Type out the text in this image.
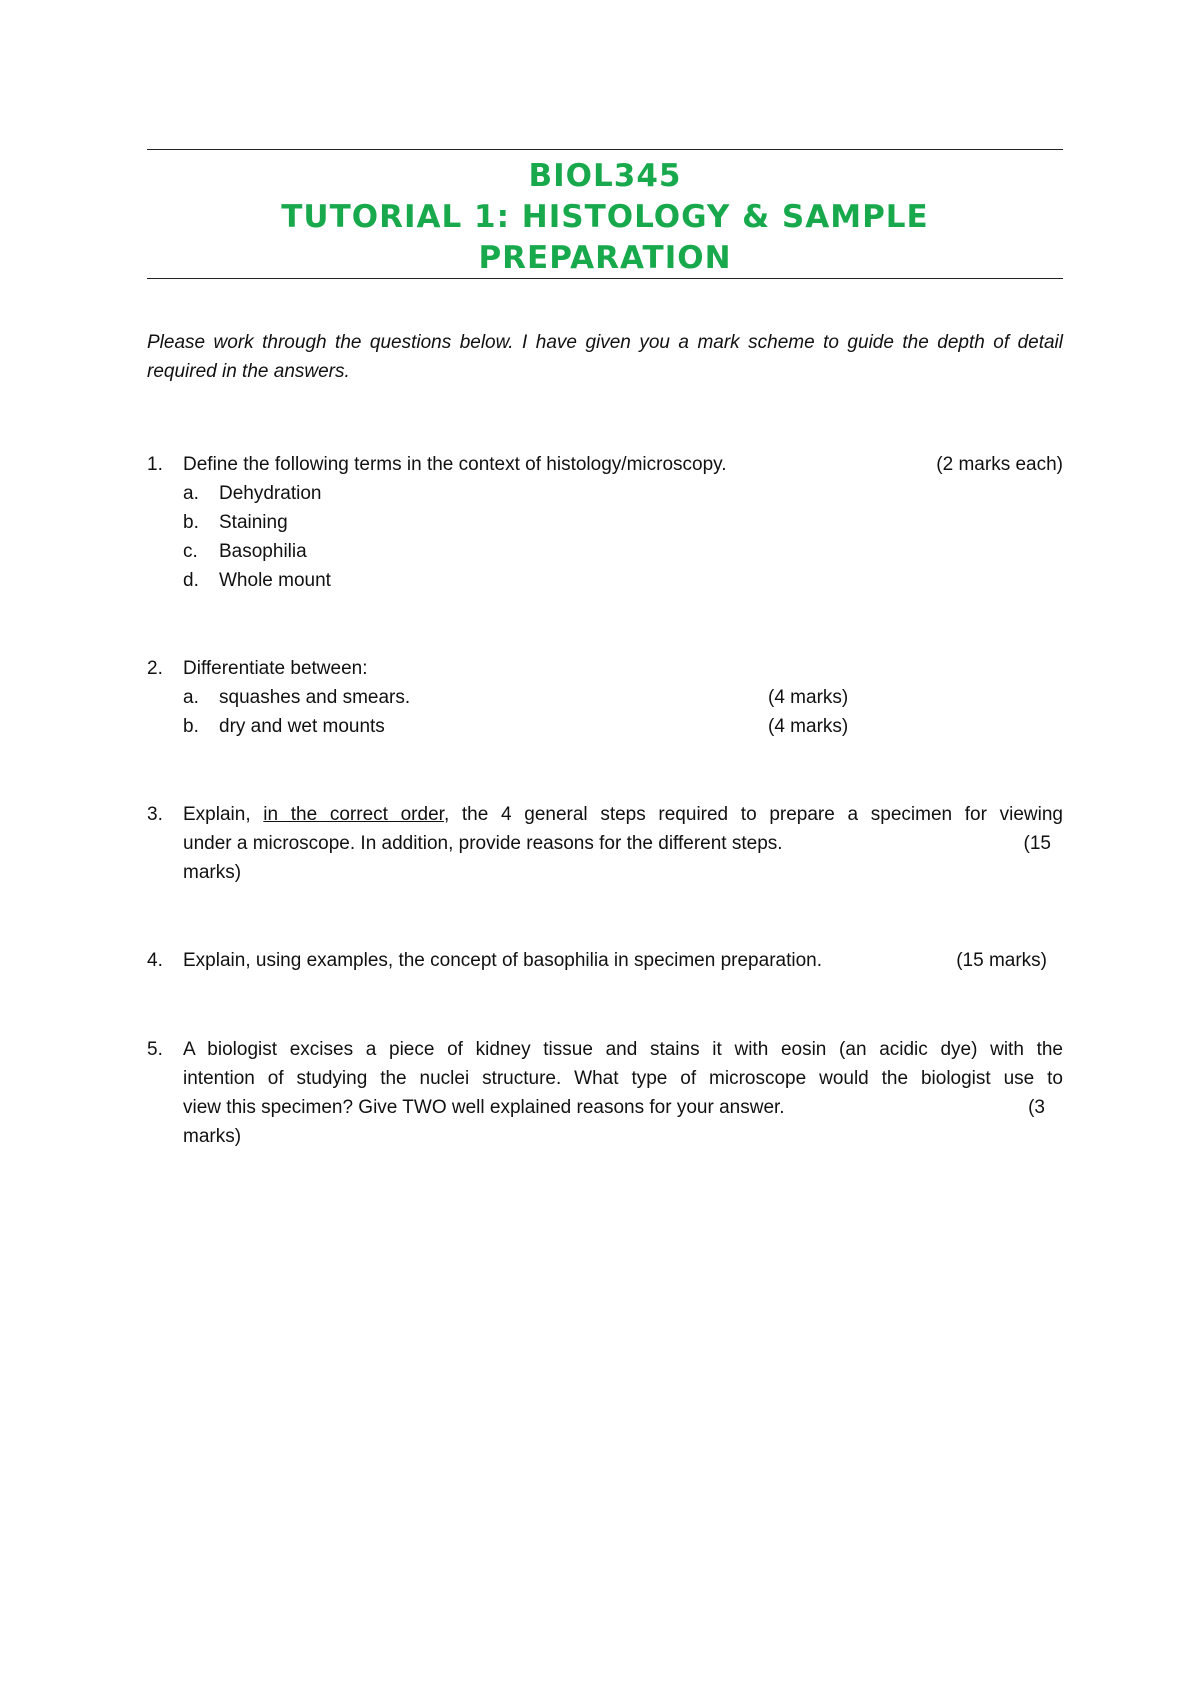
BIOL345
TUTORIAL 1: HISTOLOGY & SAMPLE
PREPARATION
Please work through the questions below. I have given you a mark scheme to guide the depth of detail required in the answers.
1.	Define the following terms in the context of histology/microscopy.	(2 marks each)
a.	Dehydration
b.	Staining
c.	Basophilia
d.	Whole mount
2.	Differentiate between:
a.	squashes and smears.	(4 marks)
b.	dry and wet mounts	(4 marks)
3.	Explain, in the correct order, the 4 general steps required to prepare a specimen for viewing
under a microscope. In addition, provide reasons for the different steps.	(15
marks)
4.	Explain, using examples, the concept of basophilia in specimen preparation.	(15 marks)
5.	A biologist excises a piece of kidney tissue and stains it with eosin (an acidic dye) with the
intention of studying the nuclei structure. What type of microscope would the biologist use to
view this specimen? Give TWO well explained reasons for your answer.	(3
marks)
